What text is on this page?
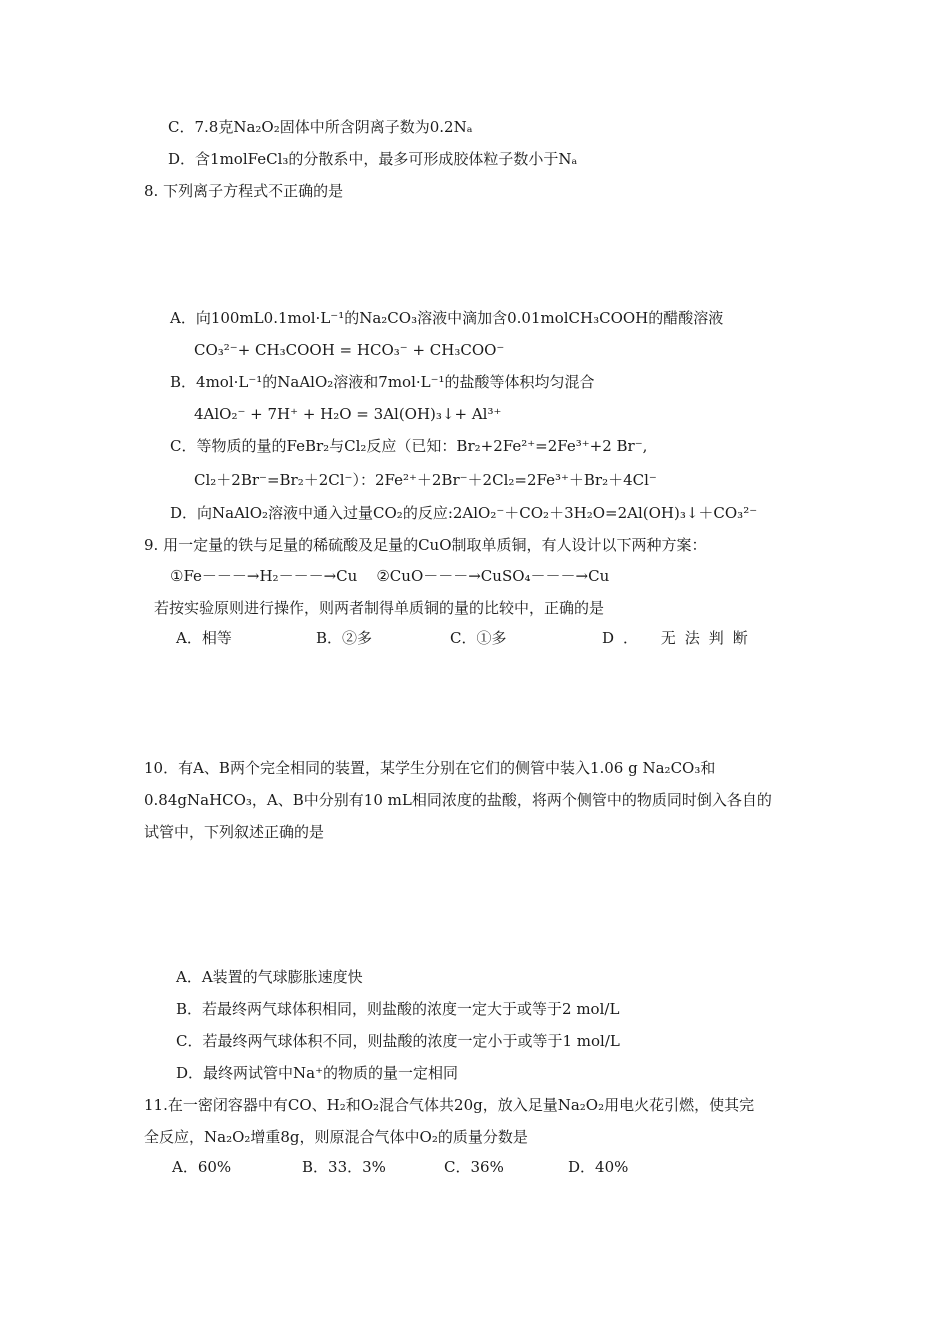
C．7.8克Na₂O₂固体中所含阴离子数为0.2Nₐ
D．含1molFeCl₃的分散系中，最多可形成胶体粒子数小于Nₐ
8. 下列离子方程式不正确的是
A．向100mL0.1mol·L⁻¹的Na₂CO₃溶液中滴加含0.01molCH₃COOH的醋酸溶液
CO₃²⁻+ CH₃COOH = HCO₃⁻ + CH₃COO⁻
B．4mol·L⁻¹的NaAlO₂溶液和7mol·L⁻¹的盐酸等体积均匀混合
4AlO₂⁻ + 7H⁺ + H₂O = 3Al(OH)₃↓+ Al³⁺
C．等物质的量的FeBr₂与Cl₂反应（已知：Br₂+2Fe²⁺=2Fe³⁺+2 Br⁻,
Cl₂＋2Br⁻=Br₂＋2Cl⁻）：2Fe²⁺＋2Br⁻＋2Cl₂=2Fe³⁺＋Br₂＋4Cl⁻
D．向NaAlO₂溶液中通入过量CO₂的反应:2AlO₂⁻＋CO₂＋3H₂O=2Al(OH)₃↓＋CO₃²⁻
9. 用一定量的铁与足量的稀硫酸及足量的CuO制取单质铜，有人设计以下两种方案：
①Fe－－－→H₂－－－→Cu    ②CuO－－－→CuSO₄－－－→Cu
若按实验原则进行操作，则两者制得单质铜的量的比较中，正确的是
A．相等	B．②多	C．①多	D． 无法判断
10．有A、B两个完全相同的装置，某学生分别在它们的侧管中装入1.06 g Na₂CO₃和
0.84gNaHCO₃，A、B中分别有10 mL相同浓度的盐酸，将两个侧管中的物质同时倒入各自的
试管中，下列叙述正确的是
A．A装置的气球膨胀速度快
B．若最终两气球体积相同，则盐酸的浓度一定大于或等于2 mol/L
C．若最终两气球体积不同，则盐酸的浓度一定小于或等于1 mol/L
D．最终两试管中Na⁺的物质的量一定相同
11.在一密闭容器中有CO、H₂和O₂混合气体共20g，放入足量Na₂O₂用电火花引燃，使其完
全反应，Na₂O₂增重8g，则原混合气体中O₂的质量分数是
A．60%	B．33．3%	C．36%	D．40%
